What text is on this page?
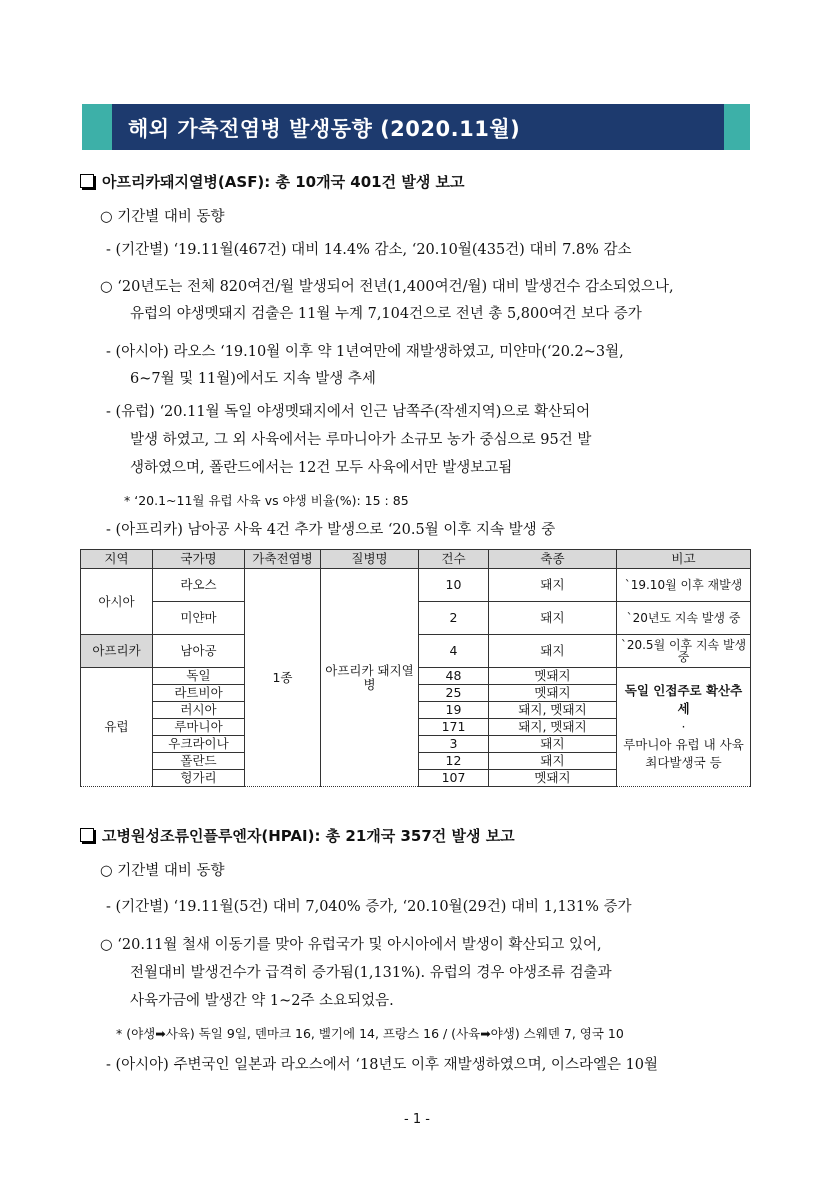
해외 가축전염병 발생동향 (2020.11월)
아프리카돼지열병(ASF): 총 10개국 401건 발생 보고
○ 기간별 대비 동향
- (기간별) ‘19.11월(467건) 대비 14.4% 감소, ‘20.10월(435건) 대비 7.8% 감소
○ ‘20년도는 전체 820여건/월 발생되어 전년(1,400여건/월) 대비 발생건수 감소되었으나,
유럽의 야생멧돼지 검출은 11월 누계 7,104건으로 전년 총 5,800여건 보다 증가
- (아시아) 라오스 ‘19.10월 이후 약 1년여만에 재발생하였고, 미얀마(‘20.2~3월,
6~7월 및 11월)에서도 지속 발생 추세
- (유럽) ‘20.11월 독일 야생멧돼지에서 인근 남쪽주(작센지역)으로 확산되어
발생 하였고, 그 외 사육에서는 루마니아가 소규모 농가 중심으로 95건 발
생하였으며, 폴란드에서는 12건 모두 사육에서만 발생보고됨
* ‘20.1~11월 유럽 사육 vs 야생 비율(%): 15 : 85
- (아프리카) 남아공 사육 4건 추가 발생으로 ‘20.5월 이후 지속 발생 중
지역	국가명	가축전염병	질병명	건수	축종	비고
아시아	라오스	1종	아프리카 돼지열병	10	돼지	`19.10월 이후 재발생
	미얀마			2	돼지	`20년도 지속 발생 중
아프리카	남아공			4	돼지	`20.5월 이후 지속 발생 중
유럽	독일			48	멧돼지	독일 인접주로 확산추세
·
루마니아 유럽 내 사육 최다발생국 등

	라트비아			25	멧돼지	
	러시아			19	돼지, 멧돼지	
	루마니아			171	돼지, 멧돼지	
	우크라이나			3	돼지	
	폴란드			12	돼지	
	헝가리			107	멧돼지	
고병원성조류인플루엔자(HPAI): 총 21개국 357건 발생 보고
○ 기간별 대비 동향
- (기간별) ‘19.11월(5건) 대비 7,040% 증가, ‘20.10월(29건) 대비 1,131% 증가
○ ‘20.11월 철새 이동기를 맞아 유럽국가 및 아시아에서 발생이 확산되고 있어,
전월대비 발생건수가 급격히 증가됨(1,131%). 유럽의 경우 야생조류 검출과
사육가금에 발생간 약 1~2주 소요되었음.
* (야생➡사육) 독일 9일, 덴마크 16, 벨기에 14, 프랑스 16 / (사육➡야생) 스웨덴 7, 영국 10
- (아시아) 주변국인 일본과 라오스에서 ‘18년도 이후 재발생하였으며, 이스라엘은 10월
- 1 -
